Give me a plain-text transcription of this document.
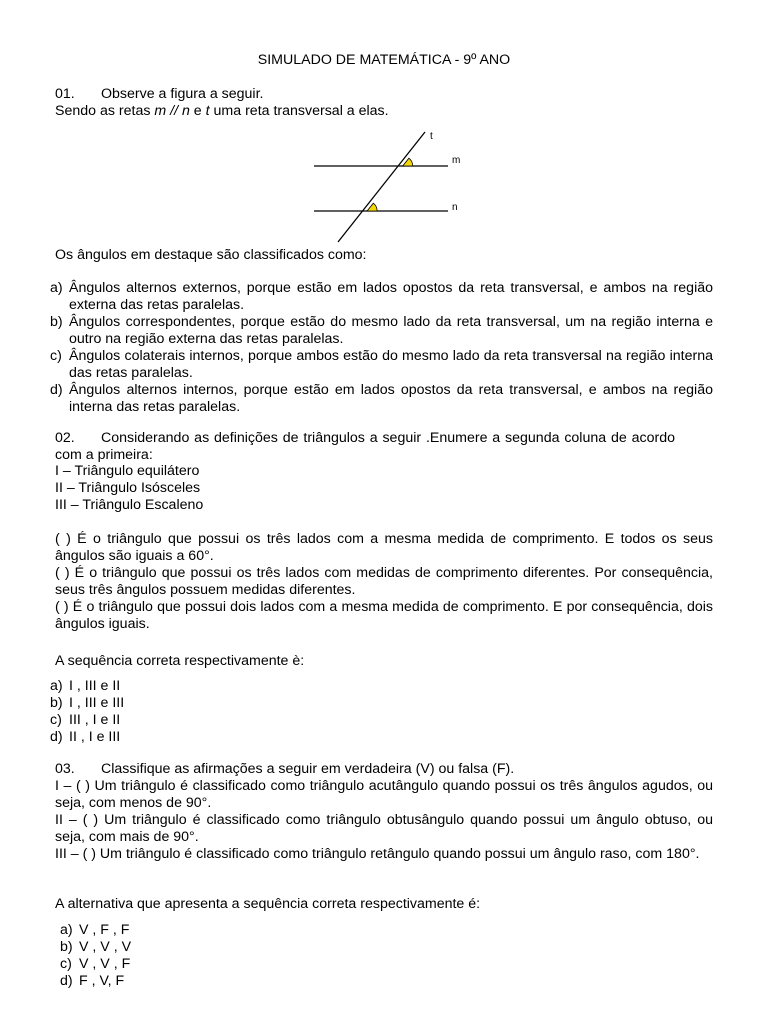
SIMULADO DE MATEMÁTICA - 9º ANO
01. Observe a figura a seguir.
Sendo as retas m // n e t uma reta transversal a elas.
t
m
n
Os ângulos em destaque são classificados como:
a) Ângulos alternos externos, porque estão em lados opostos da reta transversal, e ambos na região externa das retas paralelas.
b) Ângulos correspondentes, porque estão do mesmo lado da reta transversal, um na região interna e outro na região externa das retas paralelas.
c) Ângulos colaterais internos, porque ambos estão do mesmo lado da reta transversal na região interna das retas paralelas.
d) Ângulos alternos internos, porque estão em lados opostos da reta transversal, e ambos na região interna das retas paralelas.
02. Considerando as definições de triângulos a seguir .Enumere a segunda coluna de acordo com a primeira:
I – Triângulo equilátero
II – Triângulo Isósceles
III – Triângulo Escaleno
( ) É o triângulo que possui os três lados com a mesma medida de comprimento. E todos os seus ângulos são iguais a 60°.
( ) É o triângulo que possui os três lados com medidas de comprimento diferentes. Por consequência, seus três ângulos possuem medidas diferentes.
( ) É o triângulo que possui dois lados com a mesma medida de comprimento. E por consequência, dois ângulos iguais.
A sequência correta respectivamente è:
a) I , III e II
b) I , III e III
c) III , I e II
d) II , I e III
03. Classifique as afirmações a seguir em verdadeira (V) ou falsa (F).
I – ( ) Um triângulo é classificado como triângulo acutângulo quando possui os três ângulos agudos, ou seja, com menos de 90°.
II – ( ) Um triângulo é classificado como triângulo obtusângulo quando possui um ângulo obtuso, ou seja, com mais de 90°.
III – ( ) Um triângulo é classificado como triângulo retângulo quando possui um ângulo raso, com 180°.
A alternativa que apresenta a sequência correta respectivamente é:
a) V , F , F
b) V , V , V
c) V , V , F
d) F , V, F
